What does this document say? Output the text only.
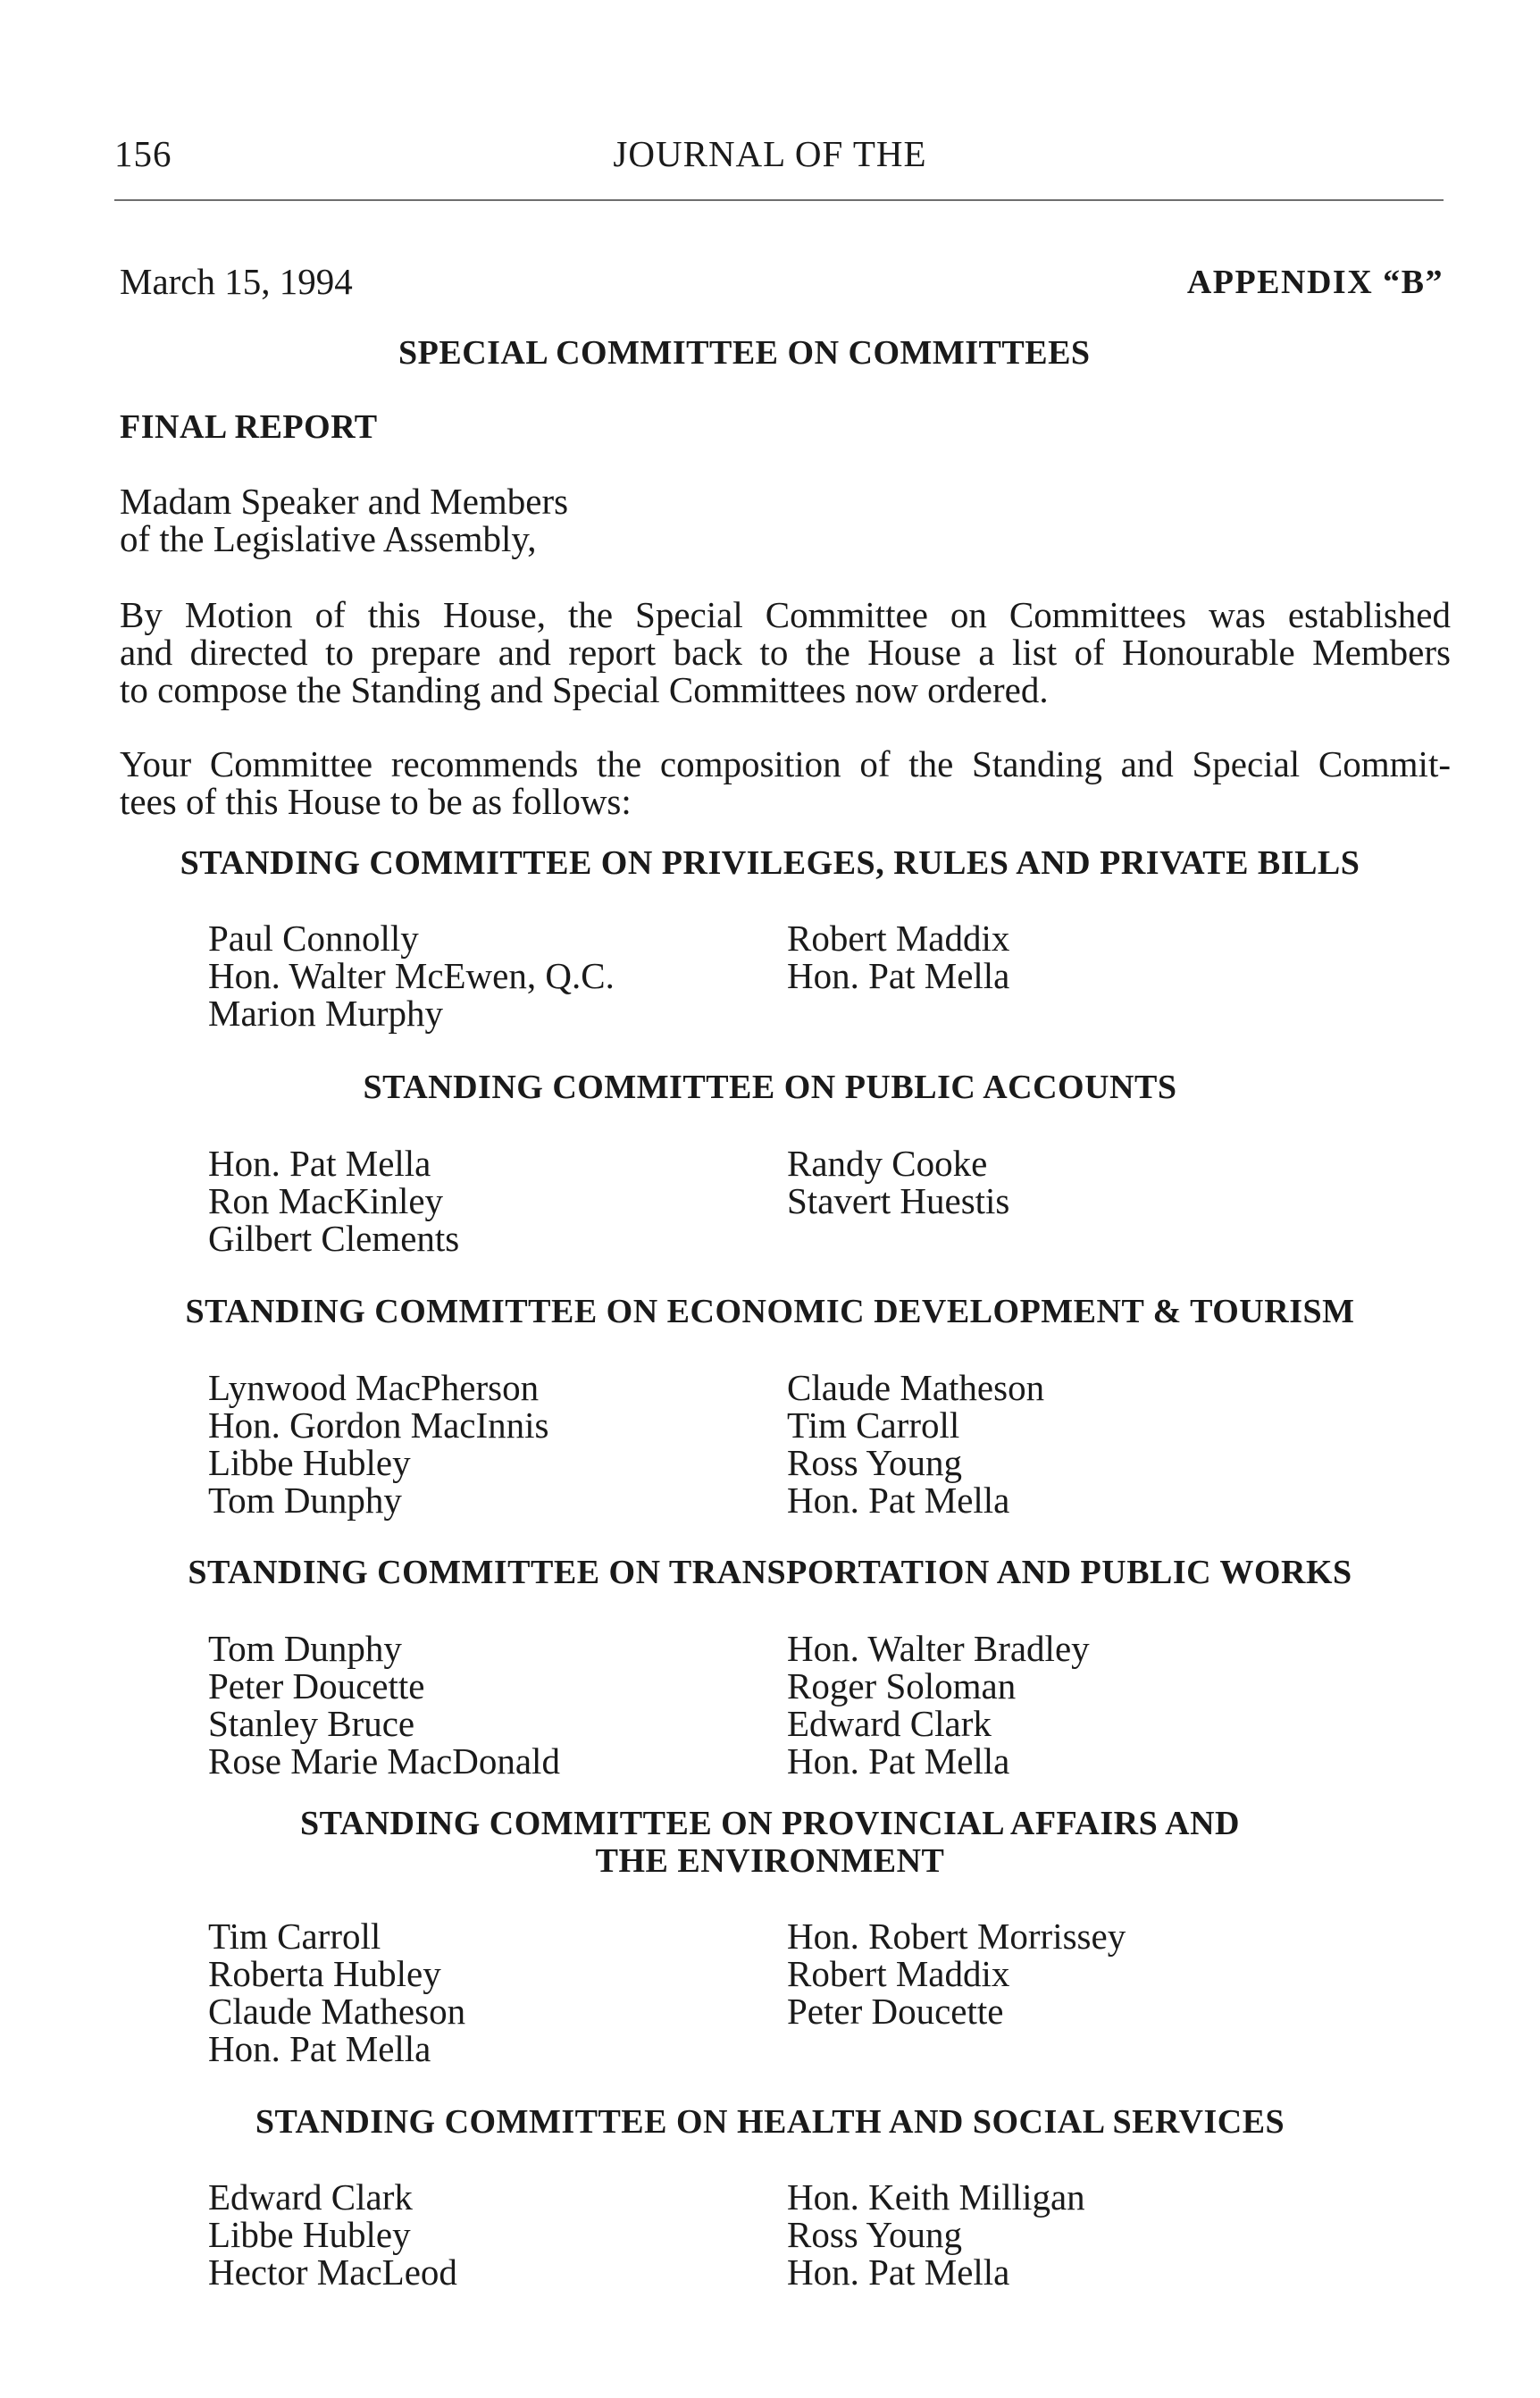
156	JOURNAL OF THE
March 15, 1994	APPENDIX “B”
SPECIAL COMMITTEE ON COMMITTEES
FINAL REPORT
Madam Speaker and Members
of the Legislative Assembly,
By Motion of this House, the Special Committee on Committees was established
and directed to prepare and report back to the House a list of Honourable Members
to compose the Standing and Special Committees now ordered.
Your Committee recommends the composition of the Standing and Special Commit-
tees of this House to be as follows:
STANDING COMMITTEE ON PRIVILEGES, RULES AND PRIVATE BILLS
Paul Connolly
Hon. Walter McEwen, Q.C.
Marion Murphy
Robert Maddix
Hon. Pat Mella
STANDING COMMITTEE ON PUBLIC ACCOUNTS
Hon. Pat Mella
Ron MacKinley
Gilbert Clements
Randy Cooke
Stavert Huestis
STANDING COMMITTEE ON ECONOMIC DEVELOPMENT & TOURISM
Lynwood MacPherson
Hon. Gordon MacInnis
Libbe Hubley
Tom Dunphy
Claude Matheson
Tim Carroll
Ross Young
Hon. Pat Mella
STANDING COMMITTEE ON TRANSPORTATION AND PUBLIC WORKS
Tom Dunphy
Peter Doucette
Stanley Bruce
Rose Marie MacDonald
Hon. Walter Bradley
Roger Soloman
Edward Clark
Hon. Pat Mella
STANDING COMMITTEE ON PROVINCIAL AFFAIRS AND
THE ENVIRONMENT
Tim Carroll
Roberta Hubley
Claude Matheson
Hon. Pat Mella
Hon. Robert Morrissey
Robert Maddix
Peter Doucette
STANDING COMMITTEE ON HEALTH AND SOCIAL SERVICES
Edward Clark
Libbe Hubley
Hector MacLeod
Hon. Keith Milligan
Ross Young
Hon. Pat Mella
